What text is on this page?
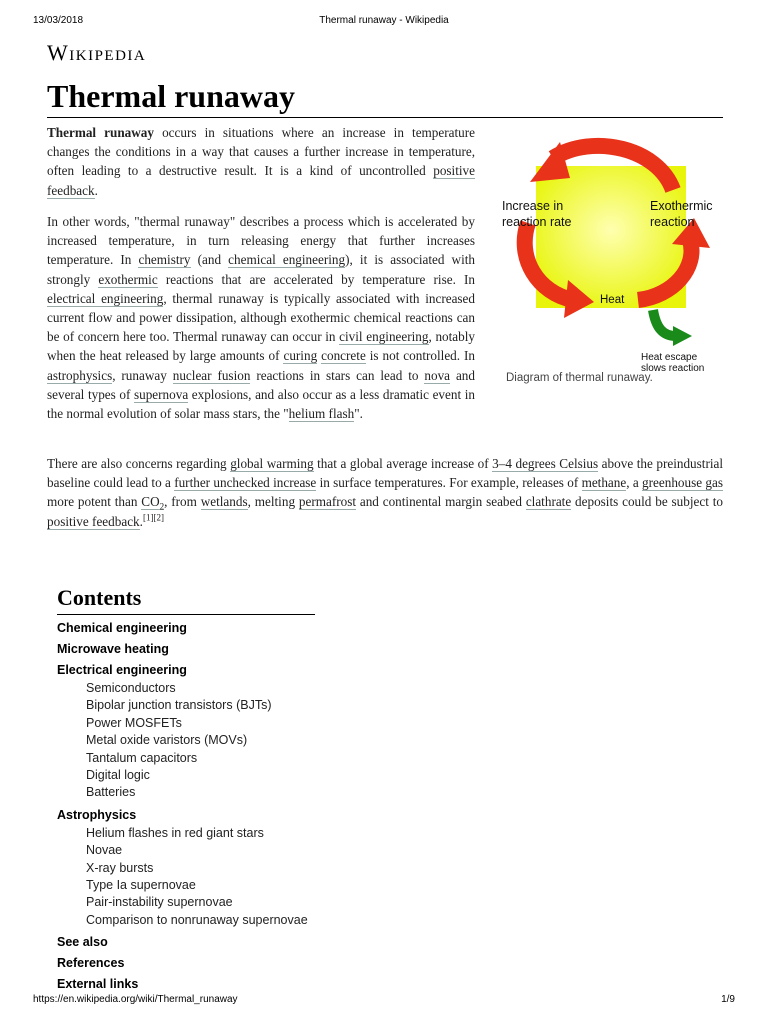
13/03/2018	Thermal runaway - Wikipedia
Wikipedia
Thermal runaway

Thermal runaway occurs in situations where an increase in temperature changes the conditions in a way that causes a further increase in temperature, often leading to a destructive result. It is a kind of uncontrolled positive feedback.

In other words, "thermal runaway" describes a process which is accelerated by increased temperature, in turn releasing energy that further increases temperature. In chemistry (and chemical engineering), it is associated with strongly exothermic reactions that are accelerated by temperature rise. In electrical engineering, thermal runaway is typically associated with increased current flow and power dissipation, although exothermic chemical reactions can be of concern here too. Thermal runaway can occur in civil engineering, notably when the heat released by large amounts of curing concrete is not controlled. In astrophysics, runaway nuclear fusion reactions in stars can lead to nova and several types of supernova explosions, and also occur as a less dramatic event in the normal evolution of solar mass stars, the "helium flash".

Increase in
reaction rate
Exothermic
reaction
Heat
Heat escape
slows reaction
Diagram of thermal runaway.

There are also concerns regarding global warming that a global average increase of 3–4 degrees Celsius above the preindustrial baseline could lead to a further unchecked increase in surface temperatures. For example, releases of methane, a greenhouse gas more potent than $CO_2$, from wetlands, melting permafrost and continental margin seabed clathrate deposits could be subject to positive feedback.[1][2]

Contents
Chemical engineering
Microwave heating
Electrical engineering
Semiconductors
Bipolar junction transistors (BJTs)
Power MOSFETs
Metal oxide varistors (MOVs)
Tantalum capacitors
Digital logic
Batteries
Astrophysics
Helium flashes in red giant stars
Novae
X-ray bursts
Type Ia supernovae
Pair-instability supernovae
Comparison to nonrunaway supernovae
See also
References
External links
https://en.wikipedia.org/wiki/Thermal_runaway	1/9
